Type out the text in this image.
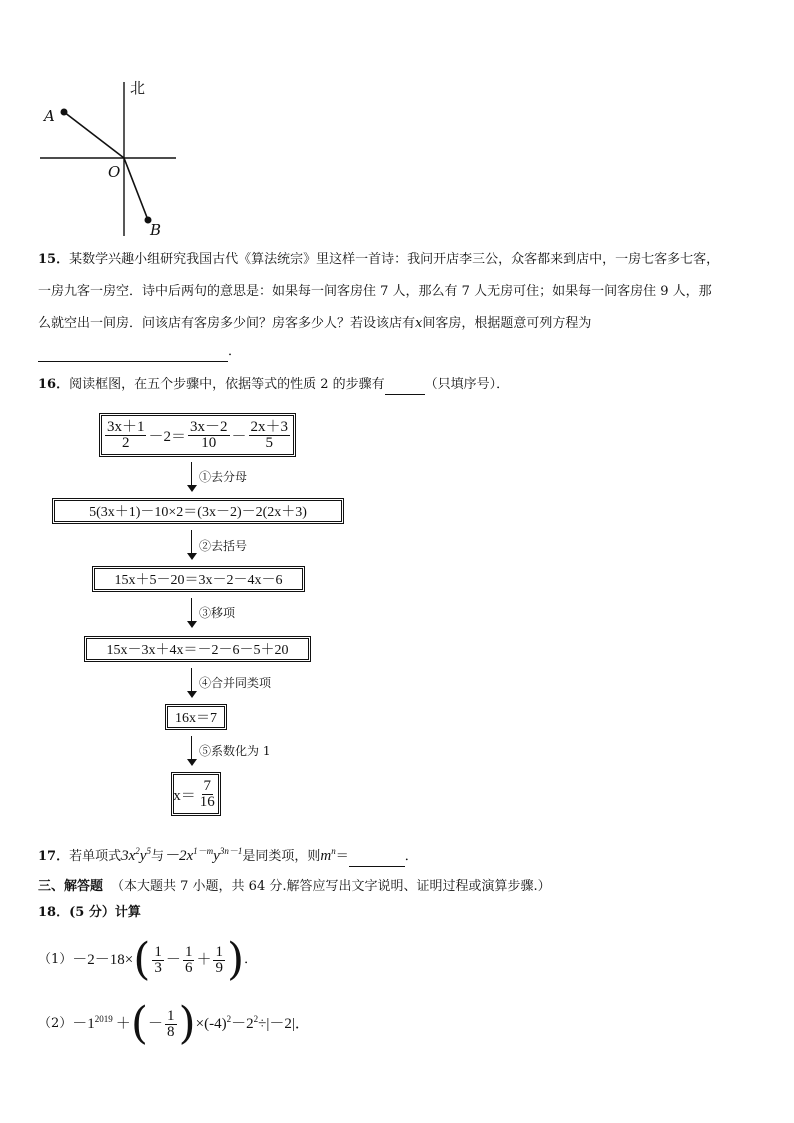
北
A
O
B
15．某数学兴趣小组研究我国古代《算法统宗》里这样一首诗：我问开店李三公，众客都来到店中，一房七客多七客，
一房九客一房空．诗中后两句的意思是：如果每一间客房住 7 人，那么有 7 人无房可住；如果每一间客房住 9 人，那
么就空出一间房．问该店有客房多少间？房客多少人？若设该店有x间客房，根据题意可列方程为
．
16．阅读框图，在五个步骤中，依据等式的性质 2 的步骤有	（只填序号）．
$\frac{3x+1}{2} -2= \frac{3x-2}{10} - \frac{2x+3}{5}$
①去分母
5(3x＋1)－10×2＝(3x－2)－2(2x＋3)
②去括号
15x＋5－20＝3x－2－4x－6
③移项
15x－3x＋4x＝－2－6－5＋20
④合并同类项
16x＝7
⑤系数化为 1
$x= \frac{7}{16}$
17．若单项式$3x^2y^5$与$-2x^{1-m}y^{3n-1}$是同类项，则$m^n=$	．
三、解答题 （本大题共 7 小题，共 64 分.解答应写出文字说明、证明过程或演算步骤.）
18．(5 分）计算
（1） －2－18× ( $\frac{1}{3} - \frac{1}{6} + \frac{1}{9}$ ) ．
$(2) -1^{2019}$ ＋ ( － $\frac{1}{8}$ ) $\times(-4)^2-2^2 \div|-2|$．
